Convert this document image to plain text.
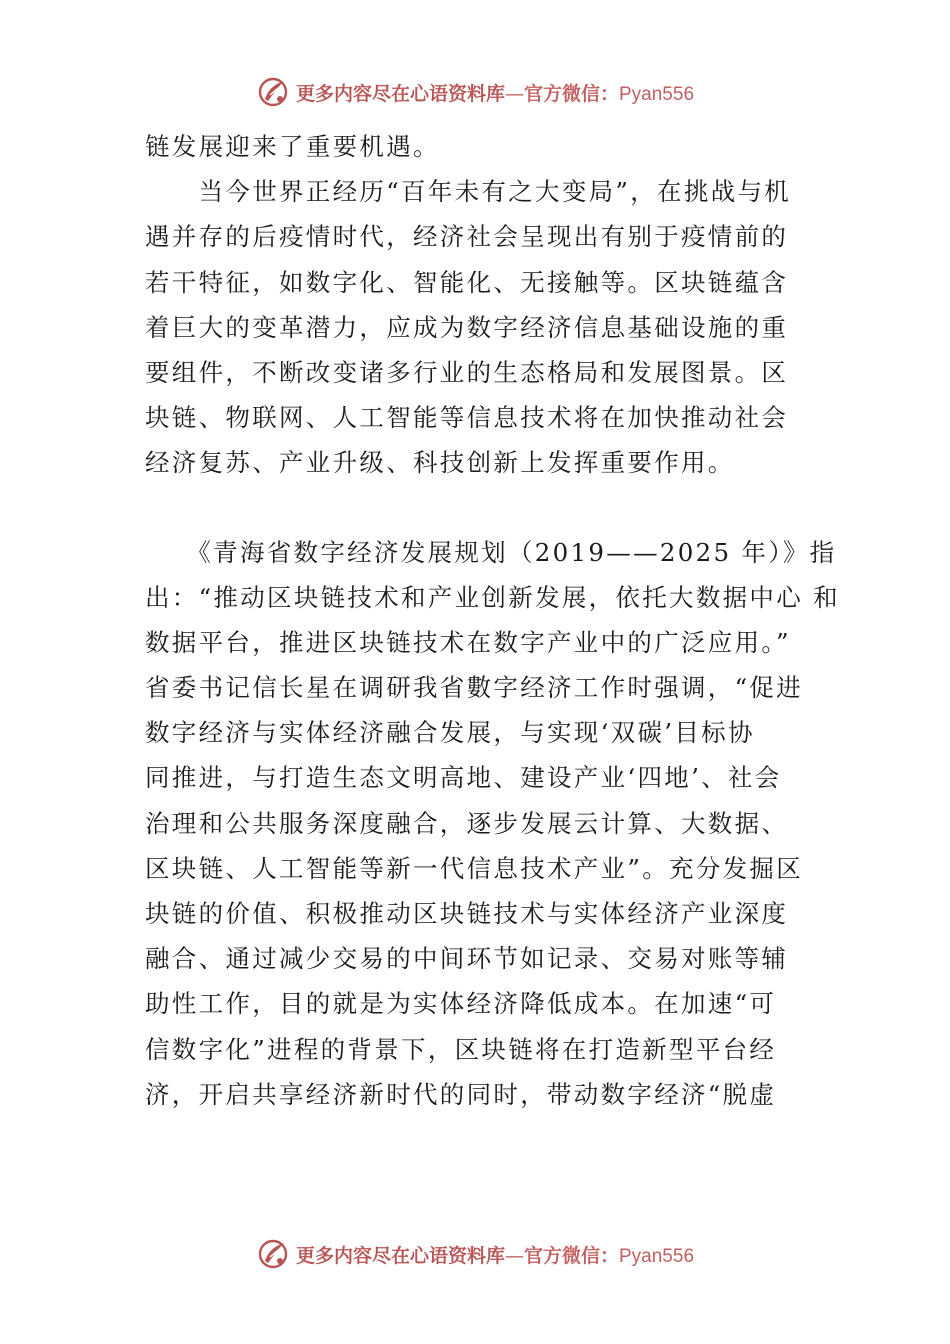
更多内容尽在心语资料库—官方微信：Pyan556
链发展迎来了重要机遇。
　　当今世界正经历“百年未有之大变局”，在挑战与机
遇并存的后疫情时代，经济社会呈现出有别于疫情前的
若干特征，如数字化、智能化、无接触等。区块链蕴含
着巨大的变革潜力，应成为数字经济信息基础设施的重
要组件，不断改变诸多行业的生态格局和发展图景。区
块链、物联网、人工智能等信息技术将在加快推动社会
经济复苏、产业升级、科技创新上发挥重要作用。
　　《青海省数字经济发展规划（2019——2025 年）》指
出：“推动区块链技术和产业创新发展，依托大数据中心 和
数据平台，推进区块链技术在数字产业中的广泛应用。”
省委书记信长星在调研我省數字经济工作时强调，“促进
数字经济与实体经济融合发展，与实现‘双碳’目标协
同推进，与打造生态文明高地、建设产业‘四地’、社会
治理和公共服务深度融合，逐步发展云计算、大数据、
区块链、人工智能等新一代信息技术产业”。充分发掘区
块链的价值、积极推动区块链技术与实体经济产业深度
融合、通过减少交易的中间环节如记录、交易对账等辅
助性工作，目的就是为实体经济降低成本。在加速“可
信数字化”进程的背景下，区块链将在打造新型平台经
济，开启共享经济新时代的同时，带动数字经济“脱虚
更多内容尽在心语资料库—官方微信：Pyan556
